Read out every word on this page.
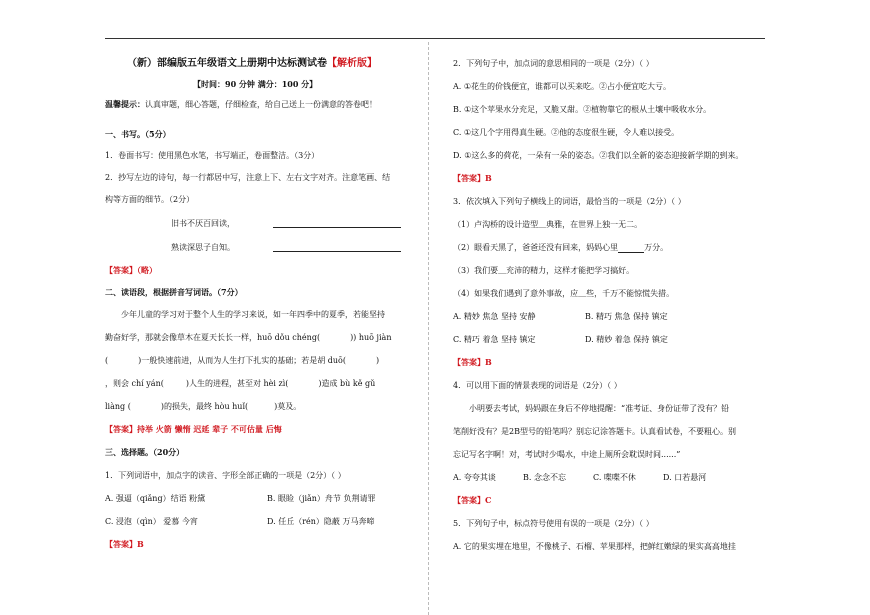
（新）部编版五年级语文上册期中达标测试卷【解析版】
【时间：90 分钟 满分：100 分】
温馨提示：认真审题，细心答题，仔细检查，给自己送上一份满意的答卷吧！
一、书写。（5分）
1．卷面书写：使用黑色水笔，书写端正，卷面整洁。（3分）
2．抄写左边的诗句，每一行都居中写，注意上下、左右文字对齐。注意笔画、结
构等方面的细节。（2分）
旧书不厌百回读，
熟读深思子自知。
【答案】（略）
二、读语段，根据拼音写词语。（7分）
少年儿童的学习对于整个人生的学习来说，如一年四季中的夏季，若能坚持
勤奋好学，那就会像草木在夏天长长一样，huō dǒu chéng(	)) huō jiàn
(	)一般快速前进，从而为人生打下扎实的基础；若是胡 duō(	)
，则会 chí yán(	)人生的进程，甚至对 hèi zì(	)造成 bù kě gǔ
liàng (	)的损失，最终 hòu huǐ(	)莫及。
【答案】持举 火箭 懒惰 迟延 辈子 不可估量 后悔
三、选择题。（20分）
1．下列词语中，加点字的读音、字形全部正确的一项是（2分）（ ）
A. 强逼（qiǎng）结语 粉黛	B. 眼睑（jiǎn）舟节 负荆请罪
C. 浸泡（qìn） 爱慕 今宵	D. 任丘（rén）隐蔽 万马奔啼
【答案】B
2．下列句子中，加点词的意思相同的一项是（2分）（ ）
A. ①花生的价钱便宜，谁都可以买来吃。②占小便宜吃大亏。
B. ①这个苹果水分充足，又脆又甜。②植物靠它的根从土壤中吸收水分。
C. ①这几个字用得真生硬。②他的态度很生硬，令人难以接受。
D. ①这么多的荷花，一朵有一朵的姿态。②我们以全新的姿态迎接新学期的到来。
【答案】B
3．依次填入下列句子横线上的词语，最恰当的一项是（2分）（ ）
（1）卢沟桥的设计造型＿典雅，在世界上独一无二。
（2）眼看天黑了，爸爸还没有回来，妈妈心里	万分。
（3）我们要＿充沛的精力，这样才能把学习搞好。
（4）如果我们遇到了意外事故，应＿些，千万不能惊慌失措。
A. 精妙 焦急 坚持 安静	B. 精巧 焦急 保持 镇定
C. 精巧 着急 坚持 镇定	D. 精妙 着急 保持 镇定
【答案】B
4．可以用下面的情景表现的词语是（2分）（ ）
小明要去考试，妈妈跟在身后不停地提醒：“准考证、身份证带了没有？铅
笔削好没有？是2B型号的铅笔吗？别忘记涂答题卡。认真看试卷，不要粗心。别
忘记写名字啊！对，考试时少喝水，中途上厕所会耽误时间......”
A. 夸夸其谈	B. 念念不忘	C. 喋喋不休	D. 口若悬河
【答案】C
5．下列句子中，标点符号使用有误的一项是（2分）（ ）
A. 它的果实埋在地里，不像桃子、石榴、苹果那样，把鲜红嫩绿的果实高高地挂
